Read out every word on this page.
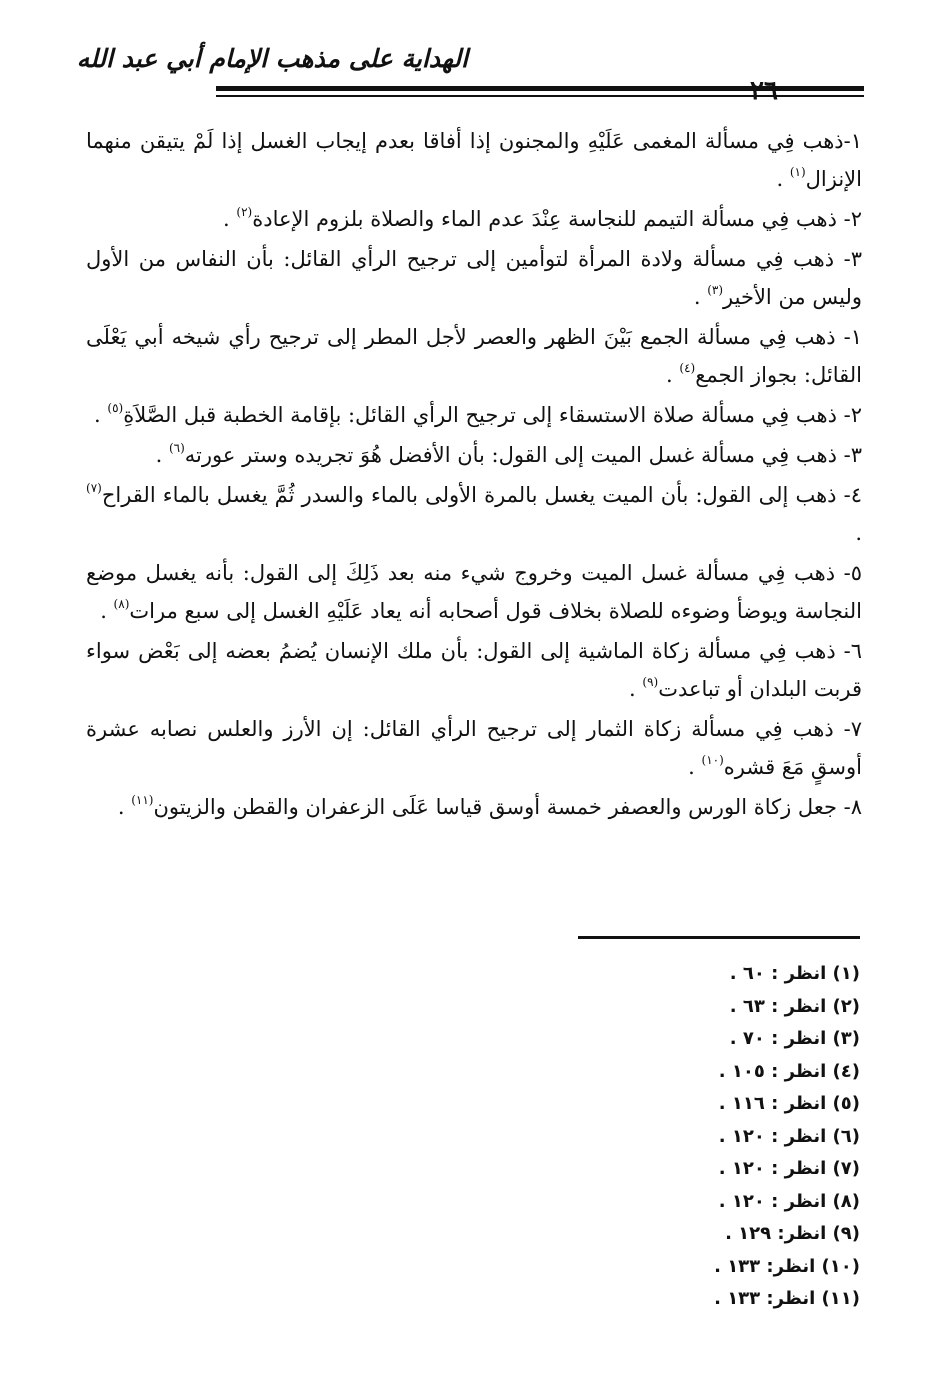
الهداية على مذهب الإمام أبي عبد الله
٢٦

١-ذهب فِي مسألة المغمى عَلَيْهِ والمجنون إذا أفاقا بعدم إيجاب الغسل إذا لَمْ يتيقن منهما الإنزال$^{(١)}$ .

٢- ذهب فِي مسألة التيمم للنجاسة عِنْدَ عدم الماء والصلاة بلزوم الإعادة$^{(٢)}$ .

٣- ذهب فِي مسألة ولادة المرأة لتوأمين إلى ترجيح الرأي القائل: بأن النفاس من الأول وليس من الأخير$^{(٣)}$ .

١- ذهب فِي مسألة الجمع بَيْنَ الظهر والعصر لأجل المطر إلى ترجيح رأي شيخه أبي يَعْلَى القائل: بجواز الجمع$^{(٤)}$ .

٢- ذهب فِي مسألة صلاة الاستسقاء إلى ترجيح الرأي القائل: بإقامة الخطبة قبل الصَّلاَةِ$^{(٥)}$ .

٣- ذهب فِي مسألة غسل الميت إلى القول: بأن الأفضل هُوَ تجريده وستر عورته$^{(٦)}$ .

٤- ذهب إلى القول: بأن الميت يغسل بالمرة الأولى بالماء والسدر ثُمَّ يغسل بالماء القراح$^{(٧)}$ .

٥- ذهب فِي مسألة غسل الميت وخروج شيء منه بعد ذَلِكَ إلى القول: بأنه يغسل موضع النجاسة ويوضأ وضوءه للصلاة بخلاف قول أصحابه أنه يعاد عَلَيْهِ الغسل إلى سبع مرات$^{(٨)}$ .

٦- ذهب فِي مسألة زكاة الماشية إلى القول: بأن ملك الإنسان يُضمُ بعضه إلى بَعْض سواء قربت البلدان أو تباعدت$^{(٩)}$ .

٧- ذهب فِي مسألة زكاة الثمار إلى ترجيح الرأي القائل: إن الأرز والعلس نصابه عشرة أوسقٍ مَعَ قشره$^{(١٠)}$ .

٨- جعل زكاة الورس والعصفر خمسة أوسق قياسا عَلَى الزعفران والقطن والزيتون$^{(١١)}$ .

(١) انظر : ٦٠ .
(٢) انظر : ٦٣ .
(٣) انظر : ٧٠ .
(٤) انظر : ١٠٥ .
(٥) انظر : ١١٦ .
(٦) انظر : ١٢٠ .
(٧) انظر : ١٢٠ .
(٨) انظر : ١٢٠ .
(٩) انظر: ١٢٩ .
(١٠) انظر: ١٣٣ .
(١١) انظر: ١٣٣ .
